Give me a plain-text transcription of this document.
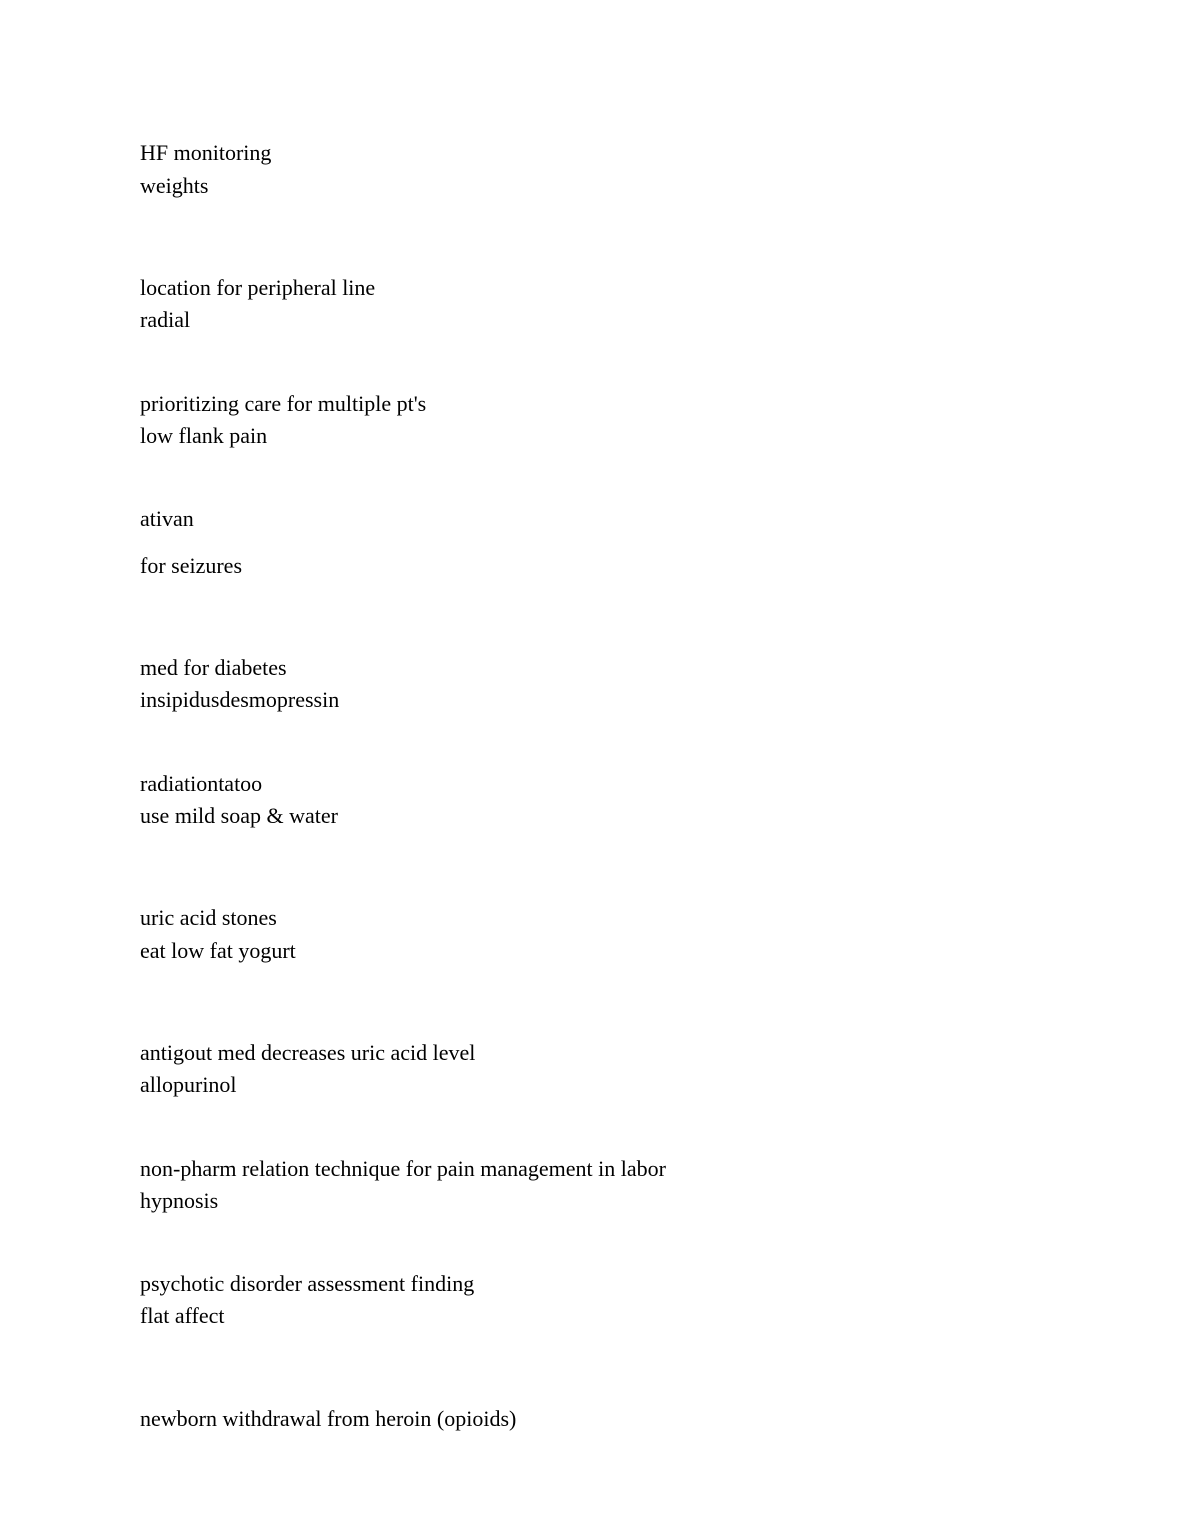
HF monitoring
weights
location for peripheral line
radial
prioritizing care for multiple pt's
low flank pain
ativan
for seizures
med for diabetes
insipidusdesmopressin
radiationtatoo
use mild soap & water
uric acid stones
eat low fat yogurt
antigout med decreases uric acid level
allopurinol
non-pharm relation technique for pain management in labor
hypnosis
psychotic disorder assessment finding
flat affect
newborn withdrawal from heroin (opioids)
